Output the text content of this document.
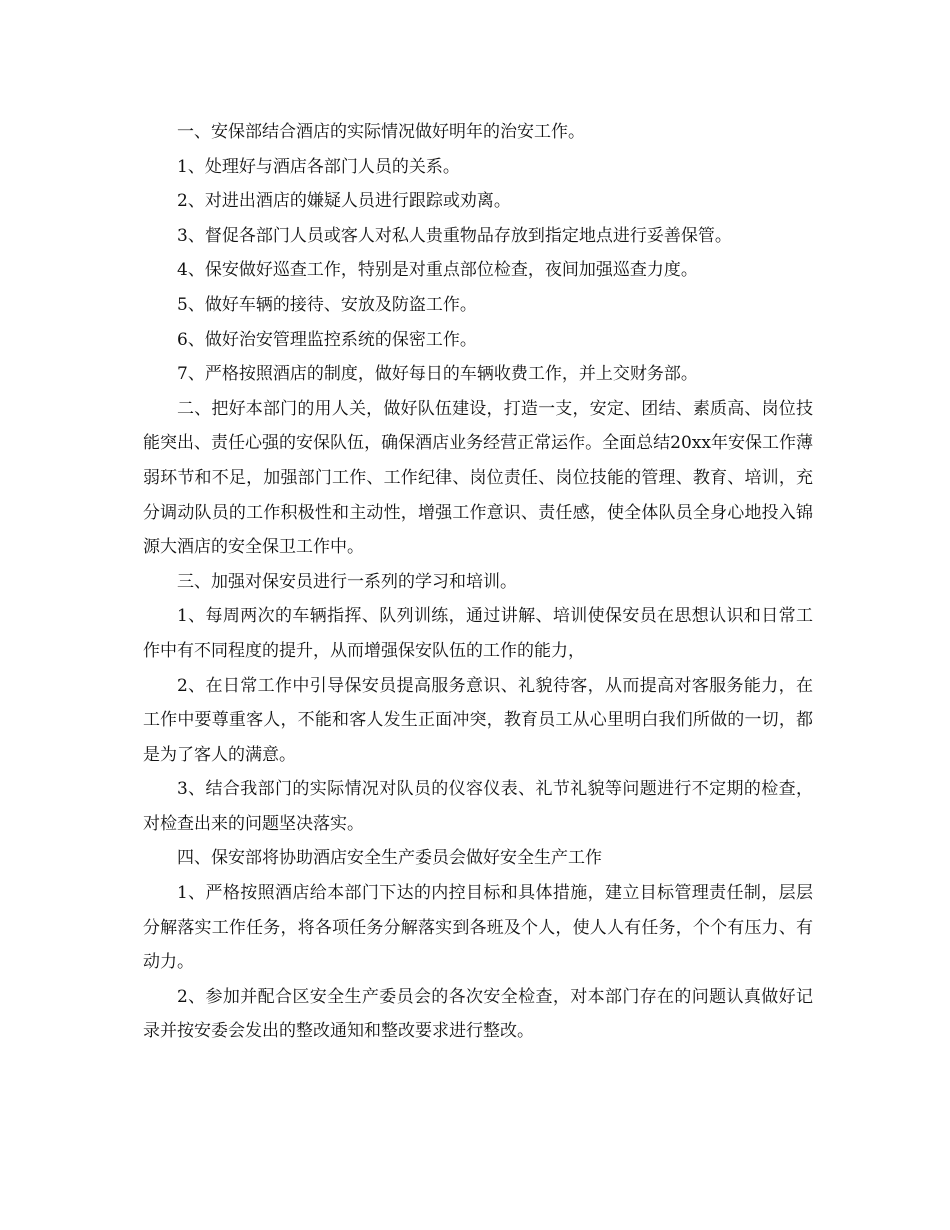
一、安保部结合酒店的实际情况做好明年的治安工作。

1、处理好与酒店各部门人员的关系。

2、对进出酒店的嫌疑人员进行跟踪或劝离。

3、督促各部门人员或客人对私人贵重物品存放到指定地点进行妥善保管。

4、保安做好巡查工作，特别是对重点部位检查，夜间加强巡查力度。

5、做好车辆的接待、安放及防盗工作。

6、做好治安管理监控系统的保密工作。

7、严格按照酒店的制度，做好每日的车辆收费工作，并上交财务部。

二、把好本部门的用人关，做好队伍建设，打造一支，安定、团结、素质高、岗位技能突出、责任心强的安保队伍，确保酒店业务经营正常运作。全面总结20xx年安保工作薄弱环节和不足，加强部门工作、工作纪律、岗位责任、岗位技能的管理、教育、培训，充分调动队员的工作积极性和主动性，增强工作意识、责任感，使全体队员全身心地投入锦源大酒店的安全保卫工作中。

三、加强对保安员进行一系列的学习和培训。

1、每周两次的车辆指挥、队列训练，通过讲解、培训使保安员在思想认识和日常工作中有不同程度的提升，从而增强保安队伍的工作的能力，

2、在日常工作中引导保安员提高服务意识、礼貌待客，从而提高对客服务能力，在工作中要尊重客人，不能和客人发生正面冲突，教育员工从心里明白我们所做的一切，都是为了客人的满意。

3、结合我部门的实际情况对队员的仪容仪表、礼节礼貌等问题进行不定期的检查，对检查出来的问题坚决落实。

四、保安部将协助酒店安全生产委员会做好安全生产工作

1、严格按照酒店给本部门下达的内控目标和具体措施，建立目标管理责任制，层层分解落实工作任务，将各项任务分解落实到各班及个人，使人人有任务，个个有压力、有动力。

2、参加并配合区安全生产委员会的各次安全检查，对本部门存在的问题认真做好记录并按安委会发出的整改通知和整改要求进行整改。
